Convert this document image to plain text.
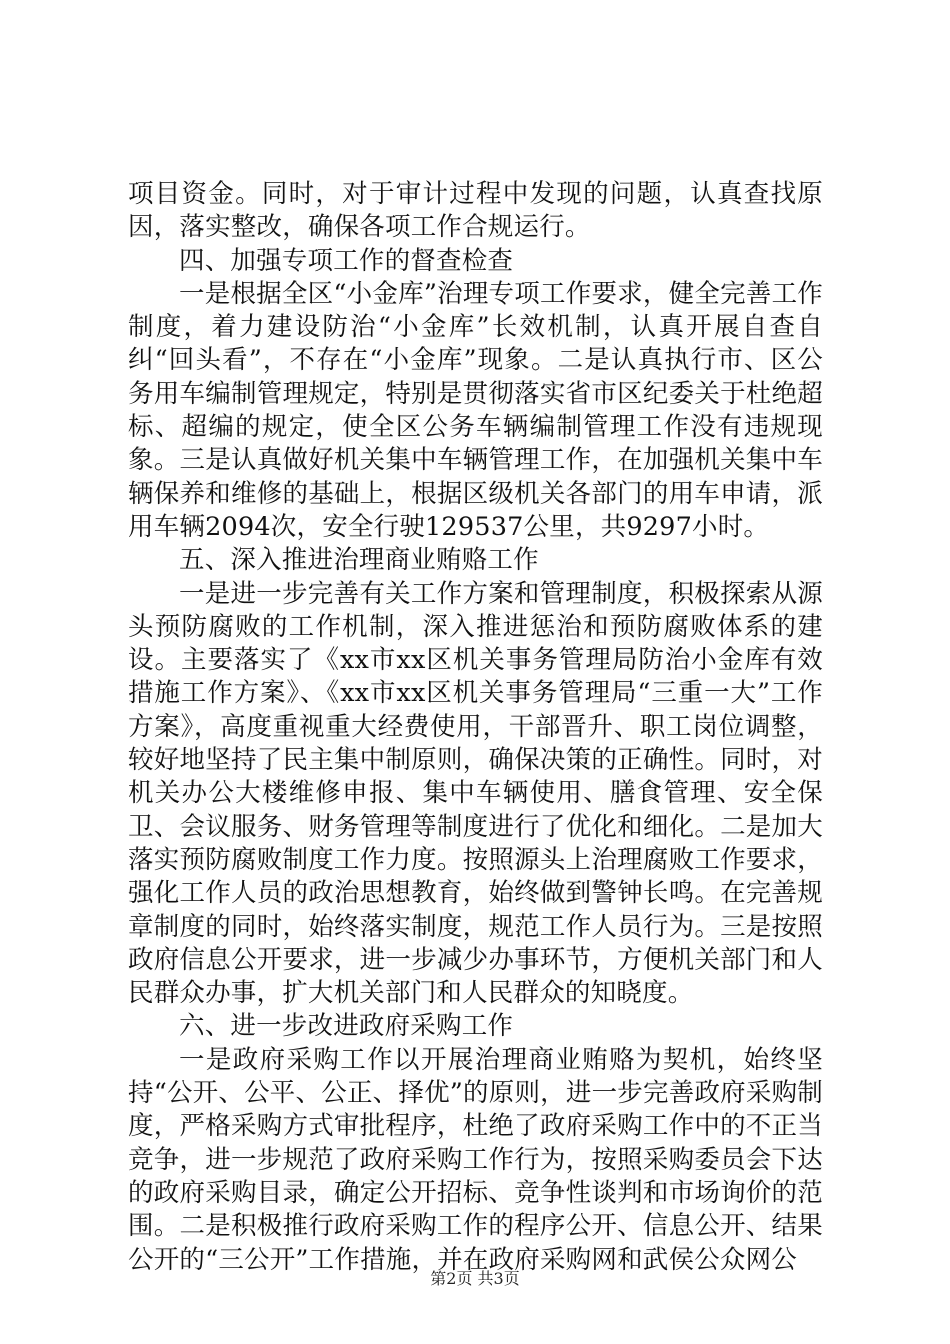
项目资金。同时，对于审计过程中发现的问题，认真查找原因，落实整改，确保各项工作合规运行。

四、加强专项工作的督查检查

一是根据全区“小金库”治理专项工作要求，健全完善工作制度，着力建设防治“小金库”长效机制，认真开展自查自纠“回头看”，不存在“小金库”现象。二是认真执行市、区公务用车编制管理规定，特别是贯彻落实省市区纪委关于杜绝超标、超编的规定，使全区公务车辆编制管理工作没有违规现象。三是认真做好机关集中车辆管理工作，在加强机关集中车辆保养和维修的基础上，根据区级机关各部门的用车申请，派用车辆2094次，安全行驶129537公里，共9297小时。

五、深入推进治理商业贿赂工作

一是进一步完善有关工作方案和管理制度，积极探索从源头预防腐败的工作机制，深入推进惩治和预防腐败体系的建设。主要落实了《xx市xx区机关事务管理局防治小金库有效措施工作方案》、《xx市xx区机关事务管理局“三重一大”工作方案》，高度重视重大经费使用，干部晋升、职工岗位调整，较好地坚持了民主集中制原则，确保决策的正确性。同时，对机关办公大楼维修申报、集中车辆使用、膳食管理、安全保卫、会议服务、财务管理等制度进行了优化和细化。二是加大落实预防腐败制度工作力度。按照源头上治理腐败工作要求，强化工作人员的政治思想教育，始终做到警钟长鸣。在完善规章制度的同时，始终落实制度，规范工作人员行为。三是按照政府信息公开要求，进一步减少办事环节，方便机关部门和人民群众办事，扩大机关部门和人民群众的知晓度。

六、进一步改进政府采购工作

一是政府采购工作以开展治理商业贿赂为契机，始终坚持“公开、公平、公正、择优”的原则，进一步完善政府采购制度，严格采购方式审批程序，杜绝了政府采购工作中的不正当竞争，进一步规范了政府采购工作行为，按照采购委员会下达的政府采购目录，确定公开招标、竞争性谈判和市场询价的范围。二是积极推行政府采购工作的程序公开、信息公开、结果公开的“三公开”工作措施，并在政府采购网和武侯公众网公

第2页 共3页
